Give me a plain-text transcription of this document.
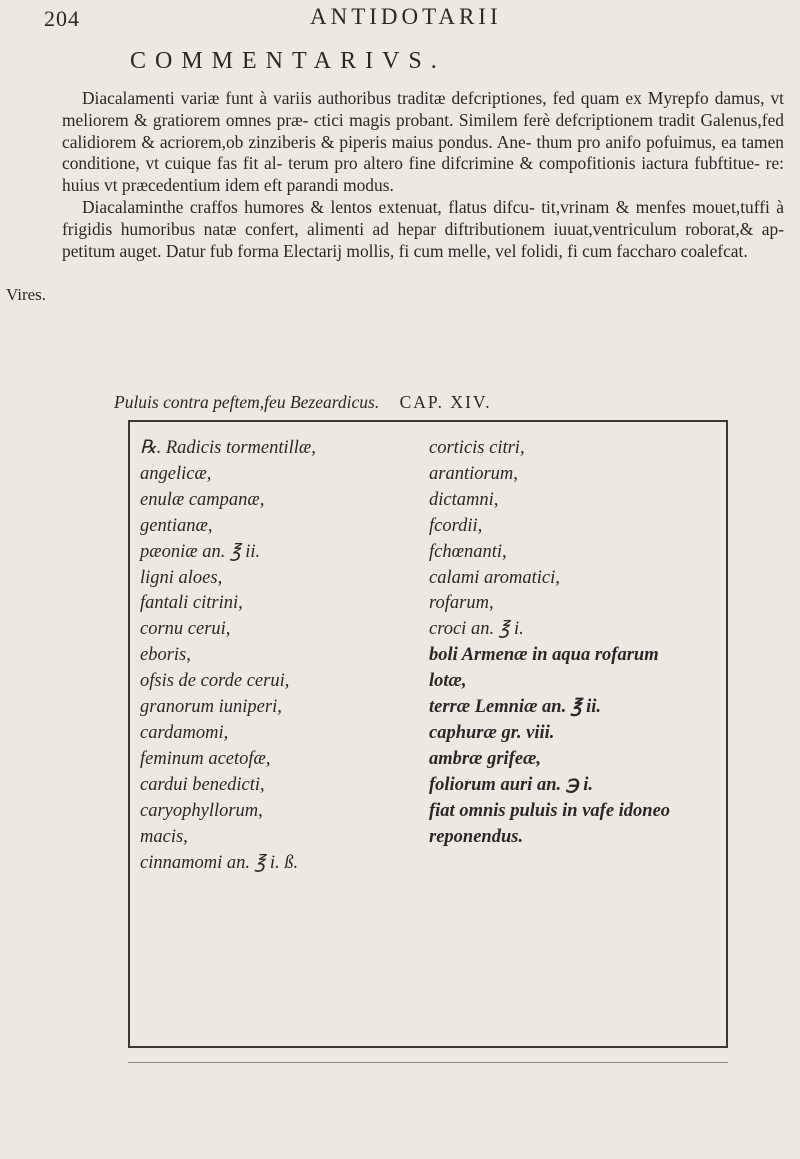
204	ANTIDOTARII
COMMENTARIVS.

Diacalamenti variæ funt à variis authoribus traditæ defcriptiones, fed quam ex Myrepfo damus, vt meliorem & gratiorem omnes præ- ctici magis probant. Similem ferè defcriptionem tradit Galenus,fed calidiorem & acriorem,ob zinziberis & piperis maius pondus. Ane- thum pro anifo pofuimus, ea tamen conditione, vt cuique fas fit al- terum pro altero fine difcrimine & compofitionis iactura fubftitue- re: huius vt præcedentium idem eft parandi modus.

Diacalaminthe craffos humores & lentos extenuat, flatus difcu- tit,vrinam & menfes mouet,tuffi à frigidis humoribus natæ confert, alimenti ad hepar diftributionem iuuat,ventriculum roborat,& ap- petitum auget. Datur fub forma Electarij mollis, fi cum melle, vel folidi, fi cum faccharo coalefcat.

Vires.
Puluis contra peftem,feu Bezeardicus. CAP. XIV.
℞. Radicis tormentillæ,
angelicæ,
enulæ campanæ,
gentianæ,
pæoniæ an. ℥ ii.
ligni aloes,
fantali citrini,
cornu cerui,
eboris,
ofsis de corde cerui,
granorum iuniperi,
cardamomi,
feminum acetofæ,
cardui benedicti,
caryophyllorum,
macis,
cinnamomi an. ℥ i. ß.
corticis citri,
arantiorum,
dictamni,
fcordii,
fchœnanti,
calami aromatici,
rofarum,
croci an. ℥ i.
boli Armenæ in aqua rofarum
lotæ,
terræ Lemniæ an. ℥ ii.
caphuræ gr. viii.
ambræ grifeæ,
foliorum auri an. ℈ i.
fiat omnis puluis in vafe idoneo
reponendus.
